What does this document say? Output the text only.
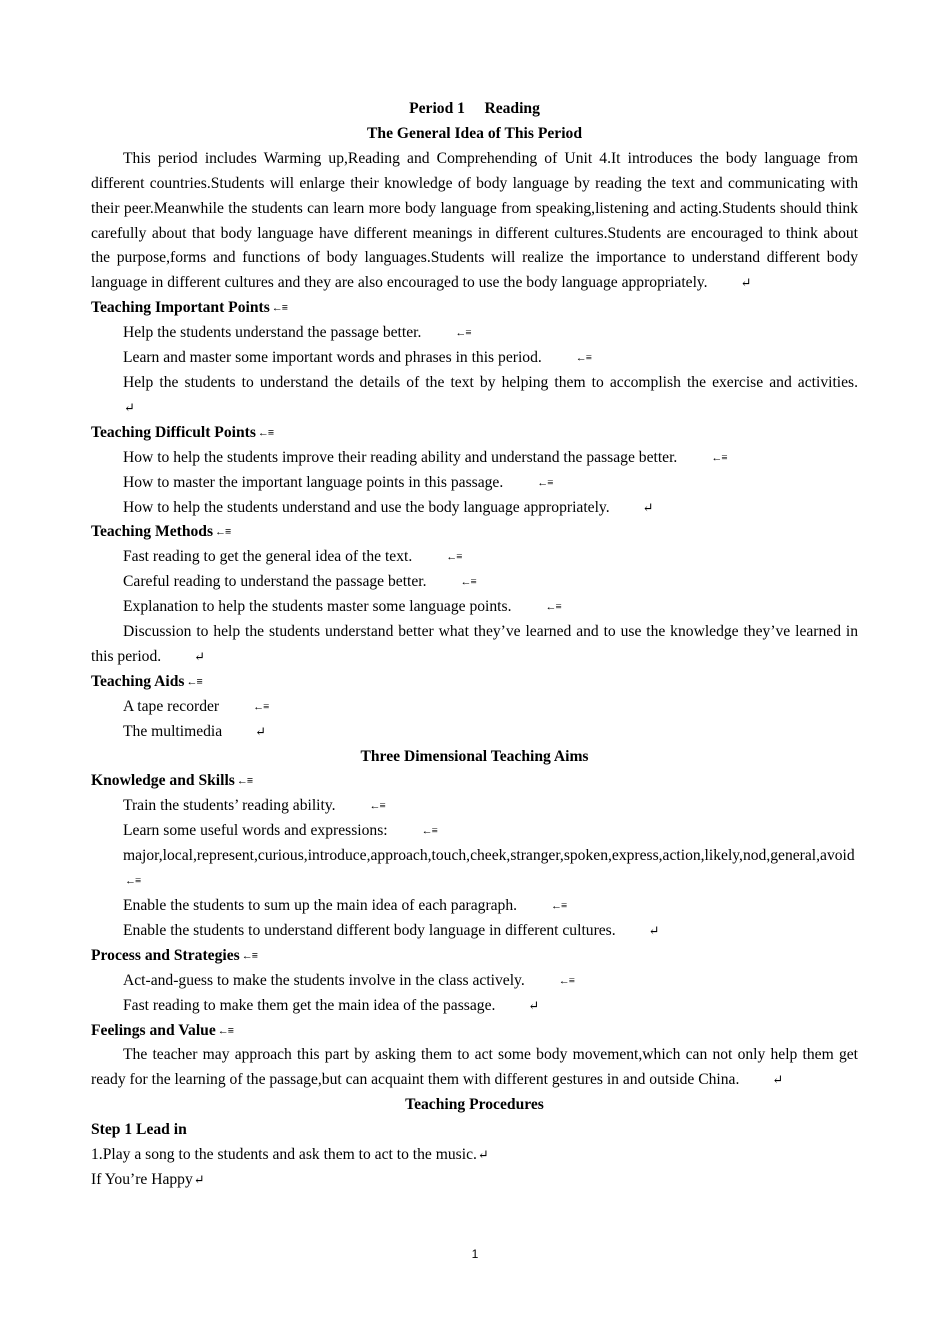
Period 1  Reading
The General Idea of This Period
This period includes Warming up,Reading and Comprehending of Unit 4.It introduces the body language from different countries.Students will enlarge their knowledge of body language by reading the text and communicating with their peer.Meanwhile the students can learn more body language from speaking,listening and acting.Students should think carefully about that body language have different meanings in different cultures.Students are encouraged to think about the purpose,forms and functions of body languages.Students will realize the importance to understand different body language in different cultures and they are also encouraged to use the body language appropriately.	↵
Teaching Important Points ←≡
Help the students understand the passage better.	←≡
Learn and master some important words and phrases in this period.	←≡
Help the students to understand the details of the text by helping them to accomplish the exercise and activities.↵
Teaching Difficult Points ←≡
How to help the students improve their reading ability and understand the passage better.	←≡
How to master the important language points in this passage.	←≡
How to help the students understand and use the body language appropriately.	↵
Teaching Methods ←≡
Fast reading to get the general idea of the text.	←≡
Careful reading to understand the passage better.	←≡
Explanation to help the students master some language points.	←≡
Discussion to help the students understand better what they’ve learned and to use the knowledge they’ve learned in this period.	↵
Teaching Aids ←≡
A tape recorder	←≡
The multimedia	↵
Three Dimensional Teaching Aims
Knowledge and Skills ←≡
Train the students’ reading ability.	←≡
Learn some useful words and expressions:	←≡
major,local,represent,curious,introduce,approach,touch,cheek,stranger,spoken,express,action,likely,nod,general,avoid ←≡
Enable the students to sum up the main idea of each paragraph.	←≡
Enable the students to understand different body language in different cultures.	↵
Process and Strategies ←≡
Act-and-guess to make the students involve in the class actively.	←≡
Fast reading to make them get the main idea of the passage.	↵
Feelings and Value ←≡
The teacher may approach this part by asking them to act some body movement,which can not only help them get ready for the learning of the passage,but can acquaint them with different gestures in and outside China.	↵
Teaching Procedures
Step 1 Lead in
1.Play a song to the students and ask them to act to the music.↵
If You’re Happy↵
1
